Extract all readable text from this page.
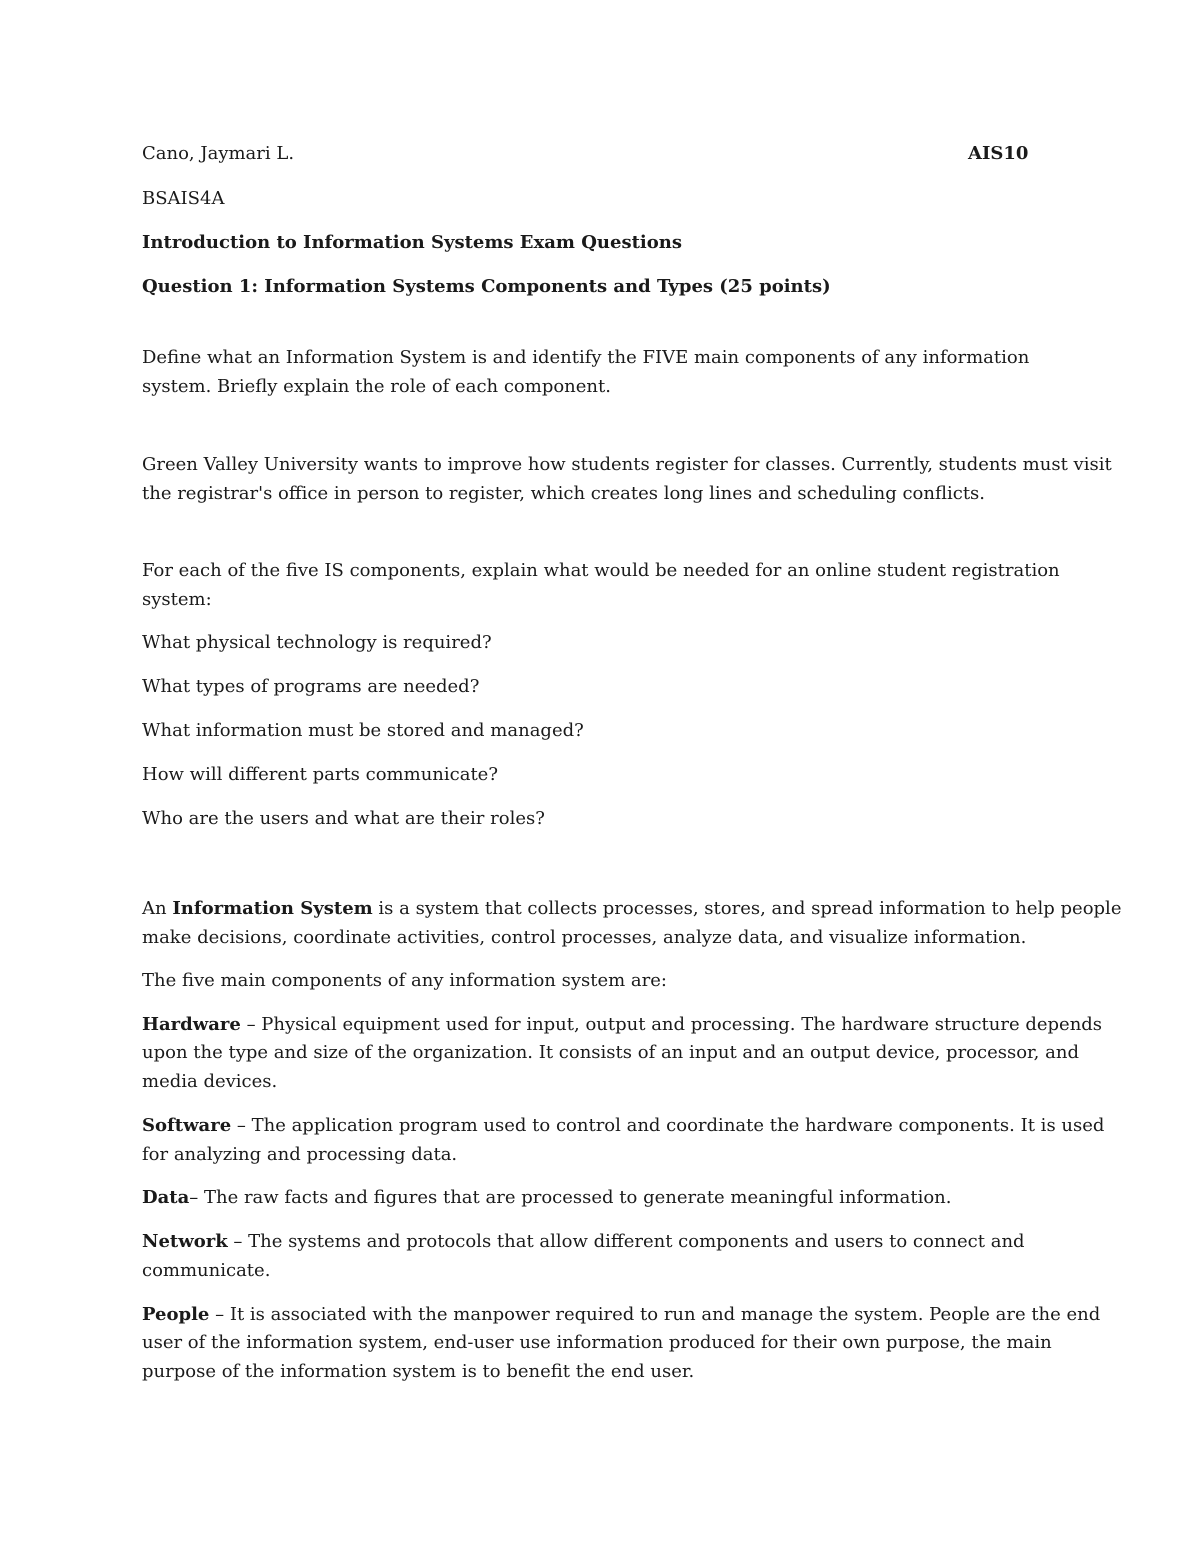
Cano, Jaymari L.	AIS10
BSAIS4A
Introduction to Information Systems Exam Questions
Question 1: Information Systems Components and Types (25 points)
Define what an Information System is and identify the FIVE main components of any information
system. Briefly explain the role of each component.
Green Valley University wants to improve how students register for classes. Currently, students must visit
the registrar's office in person to register, which creates long lines and scheduling conflicts.
For each of the five IS components, explain what would be needed for an online student registration
system:
What physical technology is required?
What types of programs are needed?
What information must be stored and managed?
How will different parts communicate?
Who are the users and what are their roles?
An Information System is a system that collects processes, stores, and spread information to help people
make decisions, coordinate activities, control processes, analyze data, and visualize information.
The five main components of any information system are:
Hardware – Physical equipment used for input, output and processing. The hardware structure depends
upon the type and size of the organization. It consists of an input and an output device, processor, and
media devices.
Software – The application program used to control and coordinate the hardware components. It is used
for analyzing and processing data.
Data– The raw facts and figures that are processed to generate meaningful information.
Network – The systems and protocols that allow different components and users to connect and
communicate.
People – It is associated with the manpower required to run and manage the system. People are the end
user of the information system, end-user use information produced for their own purpose, the main
purpose of the information system is to benefit the end user.
